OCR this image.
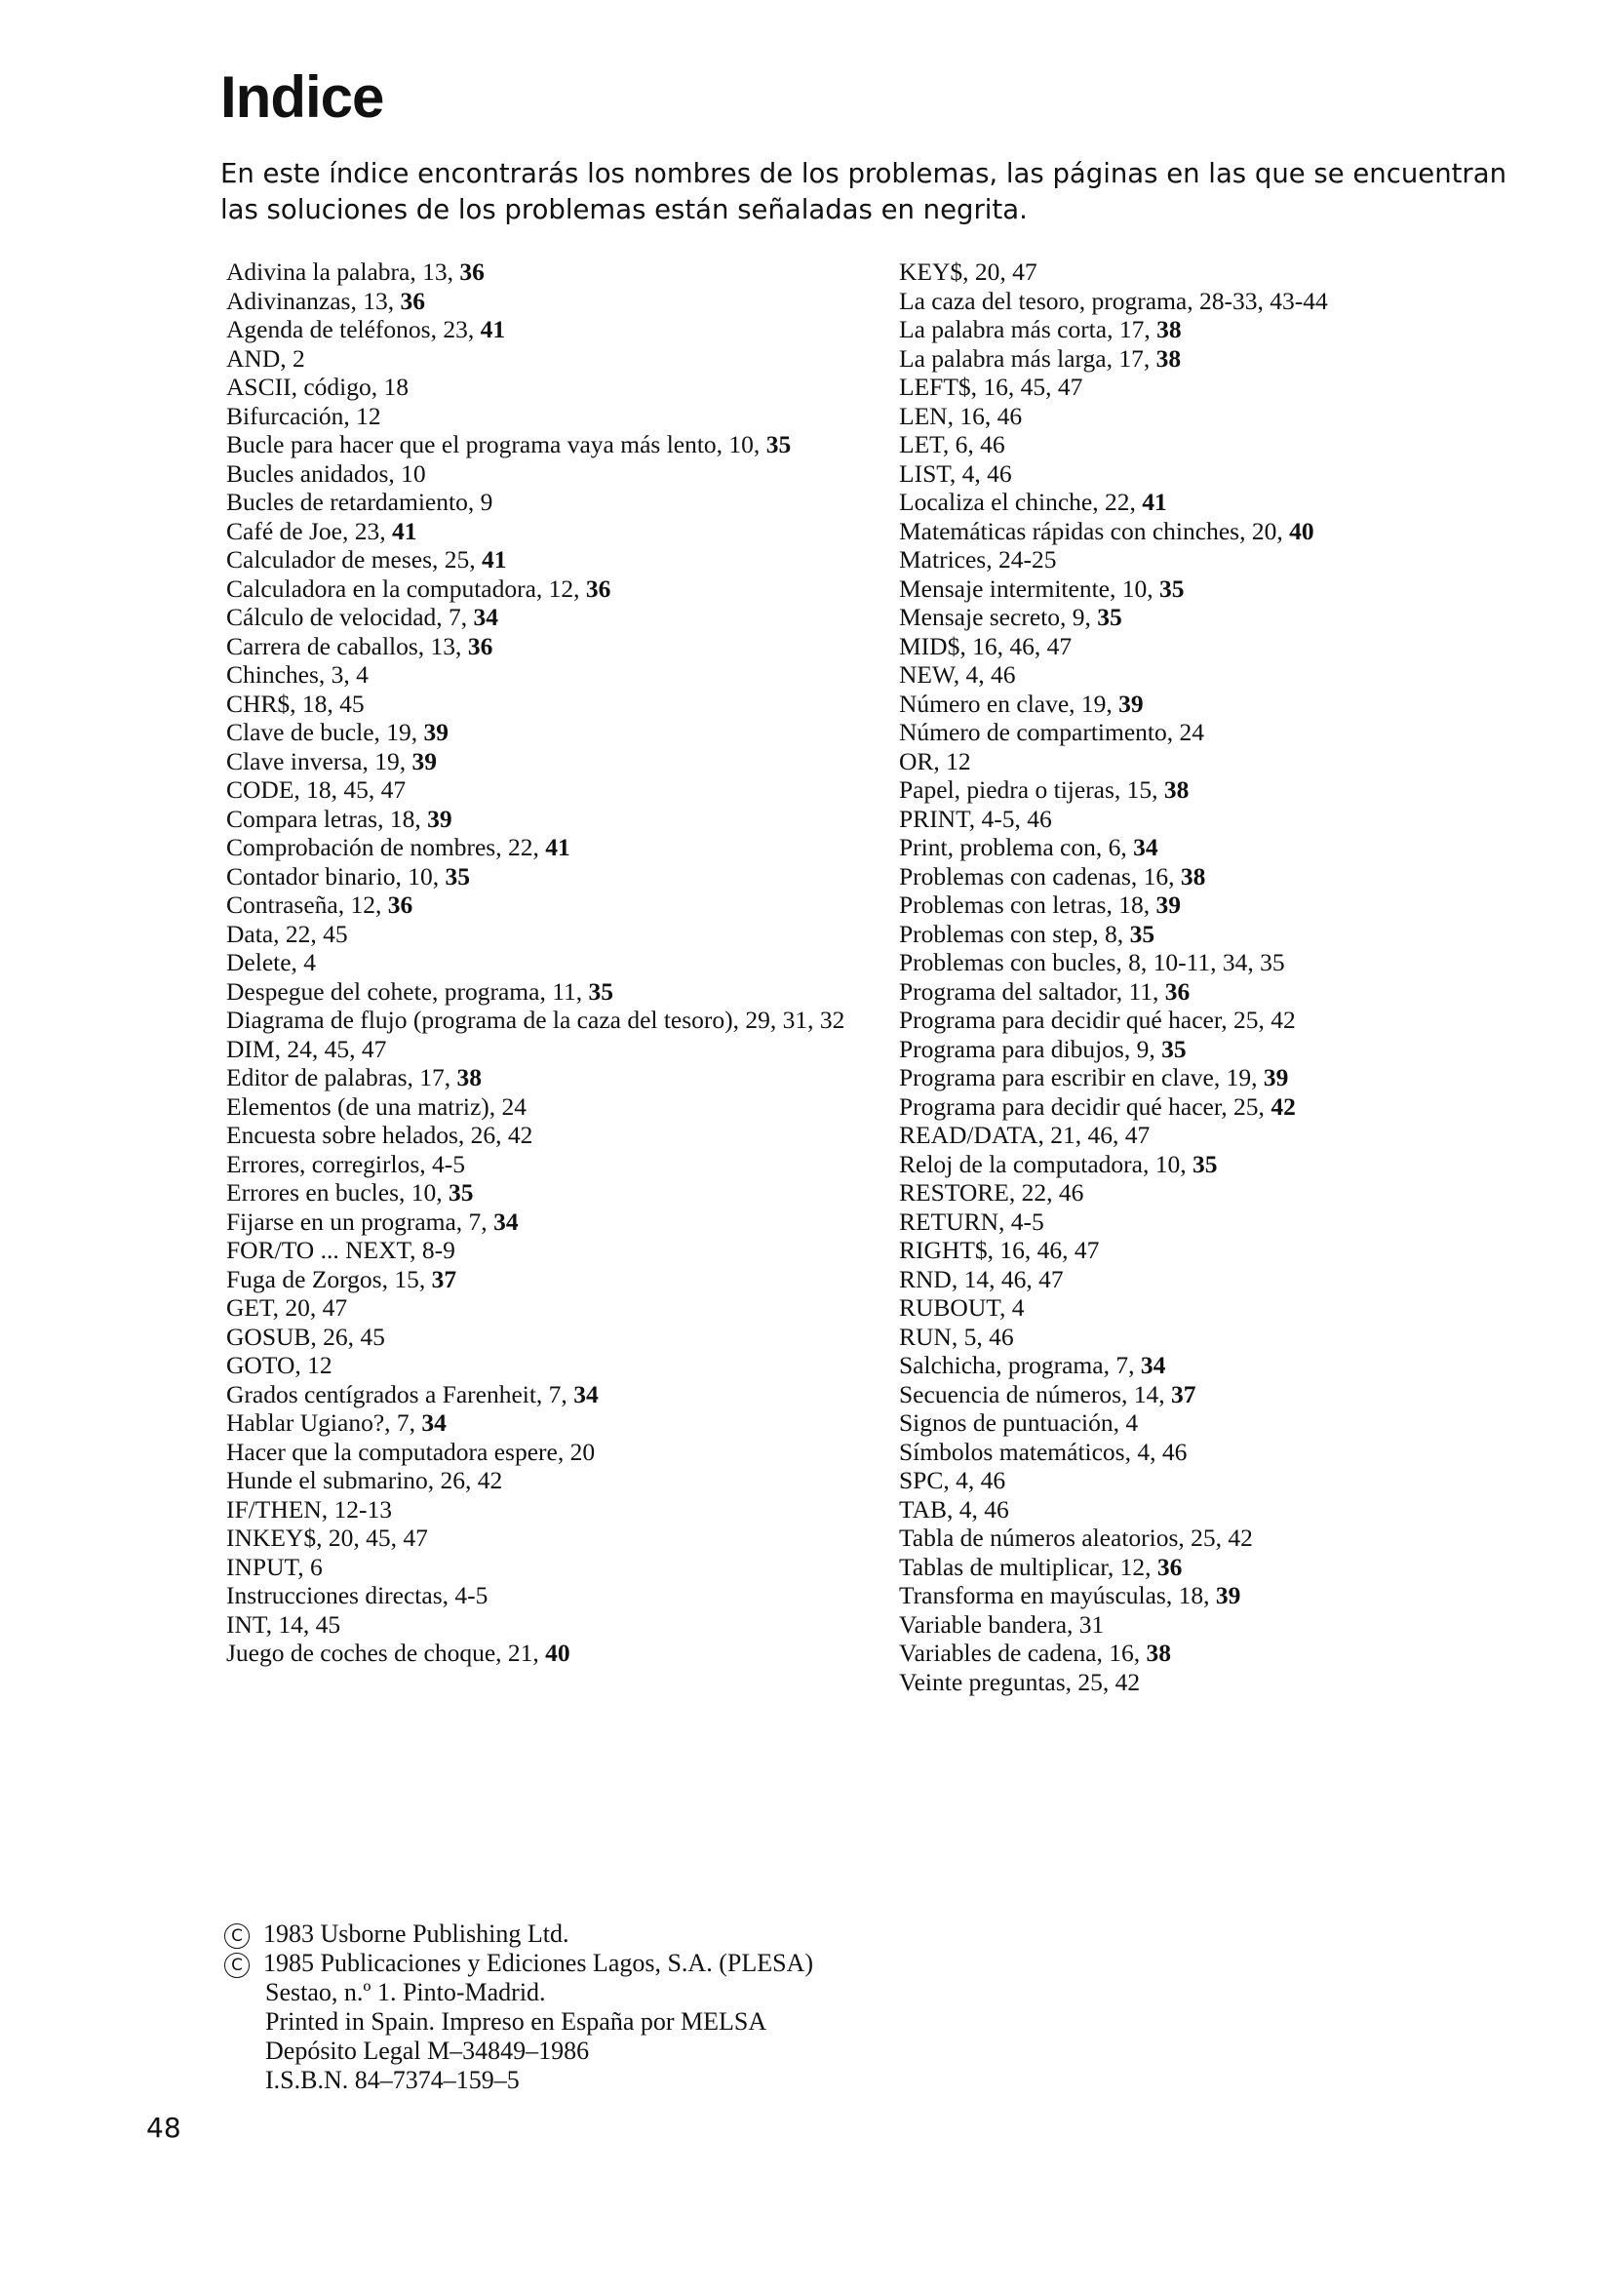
Indice

En este índice encontrarás los nombres de los problemas, las páginas en las que se encuentran

las soluciones de los problemas están señaladas en negrita.

Adivina la palabra, 13, 36
Adivinanzas, 13, 36
Agenda de teléfonos, 23, 41
AND, 2
ASCII, código, 18
Bifurcación, 12
Bucle para hacer que el programa vaya más lento, 10, 35
Bucles anidados, 10
Bucles de retardamiento, 9
Café de Joe, 23, 41
Calculador de meses, 25, 41
Calculadora en la computadora, 12, 36
Cálculo de velocidad, 7, 34
Carrera de caballos, 13, 36
Chinches, 3, 4
CHR$, 18, 45
Clave de bucle, 19, 39
Clave inversa, 19, 39
CODE, 18, 45, 47
Compara letras, 18, 39
Comprobación de nombres, 22, 41
Contador binario, 10, 35
Contraseña, 12, 36
Data, 22, 45
Delete, 4
Despegue del cohete, programa, 11, 35
Diagrama de flujo (programa de la caza del tesoro), 29, 31, 32
DIM, 24, 45, 47
Editor de palabras, 17, 38
Elementos (de una matriz), 24
Encuesta sobre helados, 26, 42
Errores, corregirlos, 4-5
Errores en bucles, 10, 35
Fijarse en un programa, 7, 34
FOR/TO ... NEXT, 8-9
Fuga de Zorgos, 15, 37
GET, 20, 47
GOSUB, 26, 45
GOTO, 12
Grados centígrados a Farenheit, 7, 34
Hablar Ugiano?, 7, 34
Hacer que la computadora espere, 20
Hunde el submarino, 26, 42
IF/THEN, 12-13
INKEY$, 20, 45, 47
INPUT, 6
Instrucciones directas, 4-5
INT, 14, 45
Juego de coches de choque, 21, 40
KEY$, 20, 47
La caza del tesoro, programa, 28-33, 43-44
La palabra más corta, 17, 38
La palabra más larga, 17, 38
LEFT$, 16, 45, 47
LEN, 16, 46
LET, 6, 46
LIST, 4, 46
Localiza el chinche, 22, 41
Matemáticas rápidas con chinches, 20, 40
Matrices, 24-25
Mensaje intermitente, 10, 35
Mensaje secreto, 9, 35
MID$, 16, 46, 47
NEW, 4, 46
Número en clave, 19, 39
Número de compartimento, 24
OR, 12
Papel, piedra o tijeras, 15, 38
PRINT, 4-5, 46
Print, problema con, 6, 34
Problemas con cadenas, 16, 38
Problemas con letras, 18, 39
Problemas con step, 8, 35
Problemas con bucles, 8, 10-11, 34, 35
Programa del saltador, 11, 36
Programa para decidir qué hacer, 25, 42
Programa para dibujos, 9, 35
Programa para escribir en clave, 19, 39
Programa para decidir qué hacer, 25, 42
READ/DATA, 21, 46, 47
Reloj de la computadora, 10, 35
RESTORE, 22, 46
RETURN, 4-5
RIGHT$, 16, 46, 47
RND, 14, 46, 47
RUBOUT, 4
RUN, 5, 46
Salchicha, programa, 7, 34
Secuencia de números, 14, 37
Signos de puntuación, 4
Símbolos matemáticos, 4, 46
SPC, 4, 46
TAB, 4, 46
Tabla de números aleatorios, 25, 42
Tablas de multiplicar, 12, 36
Transforma en mayúsculas, 18, 39
Variable bandera, 31
Variables de cadena, 16, 38
Veinte preguntas, 25, 42
C 1983 Usborne Publishing Ltd.
C 1985 Publicaciones y Ediciones Lagos, S.A. (PLESA)
Sestao, n.º 1. Pinto-Madrid.
Printed in Spain. Impreso en España por MELSA
Depósito Legal M–34849–1986
I.S.B.N. 84–7374–159–5
48
